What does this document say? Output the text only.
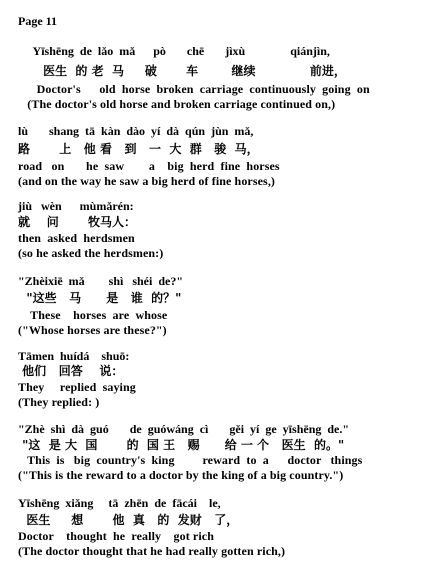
Page 11
Yīshēng  de  lǎo  mǎ      pò       chē       jìxù               qiánjìn,
医生  的 老  马     破       车        继续             前进，
Doctor's      old  horse  broken  carriage  continuously  going  on
(The doctor's old horse and broken carriage continued on,)
lù       shang  tā  kàn  dào  yí  dà  qún  jùn  mǎ,
路       上   他 看   到   一  大  群   骏  马，
road   on       he  saw        a    big  herd  fine  horses
(and on the way he saw a big herd of fine horses,)
jiù   wèn      mùmǎrén:
就    问       牧马人：
then  asked  herdsmen
(so he asked the herdsmen:)
"Zhèixiē  mǎ        shì   shéi  de?"
"这些   马      是   谁  的？"
These    horses  are  whose
("Whose horses are these?")
Tāmen  huídá    shuō:
他们   回答    说：
They     replied  saying
(They replied: )
"Zhè  shì  dà  guó       de  guówáng  cì       gěi  yí  ge  yīshēng  de."
"这  是 大  国       的  国 王   赐      给 一 个   医生  的。"
This  is   big  country's  king         reward  to  a      doctor   things
("This is the reward to a doctor by the king of a big country.")
Yīshēng  xiǎng     tā  zhēn  de  fācái    le,
医生     想       他  真   的  发财   了，
Doctor    thought  he  really    got rich
(The doctor thought that he had really gotten rich,)
